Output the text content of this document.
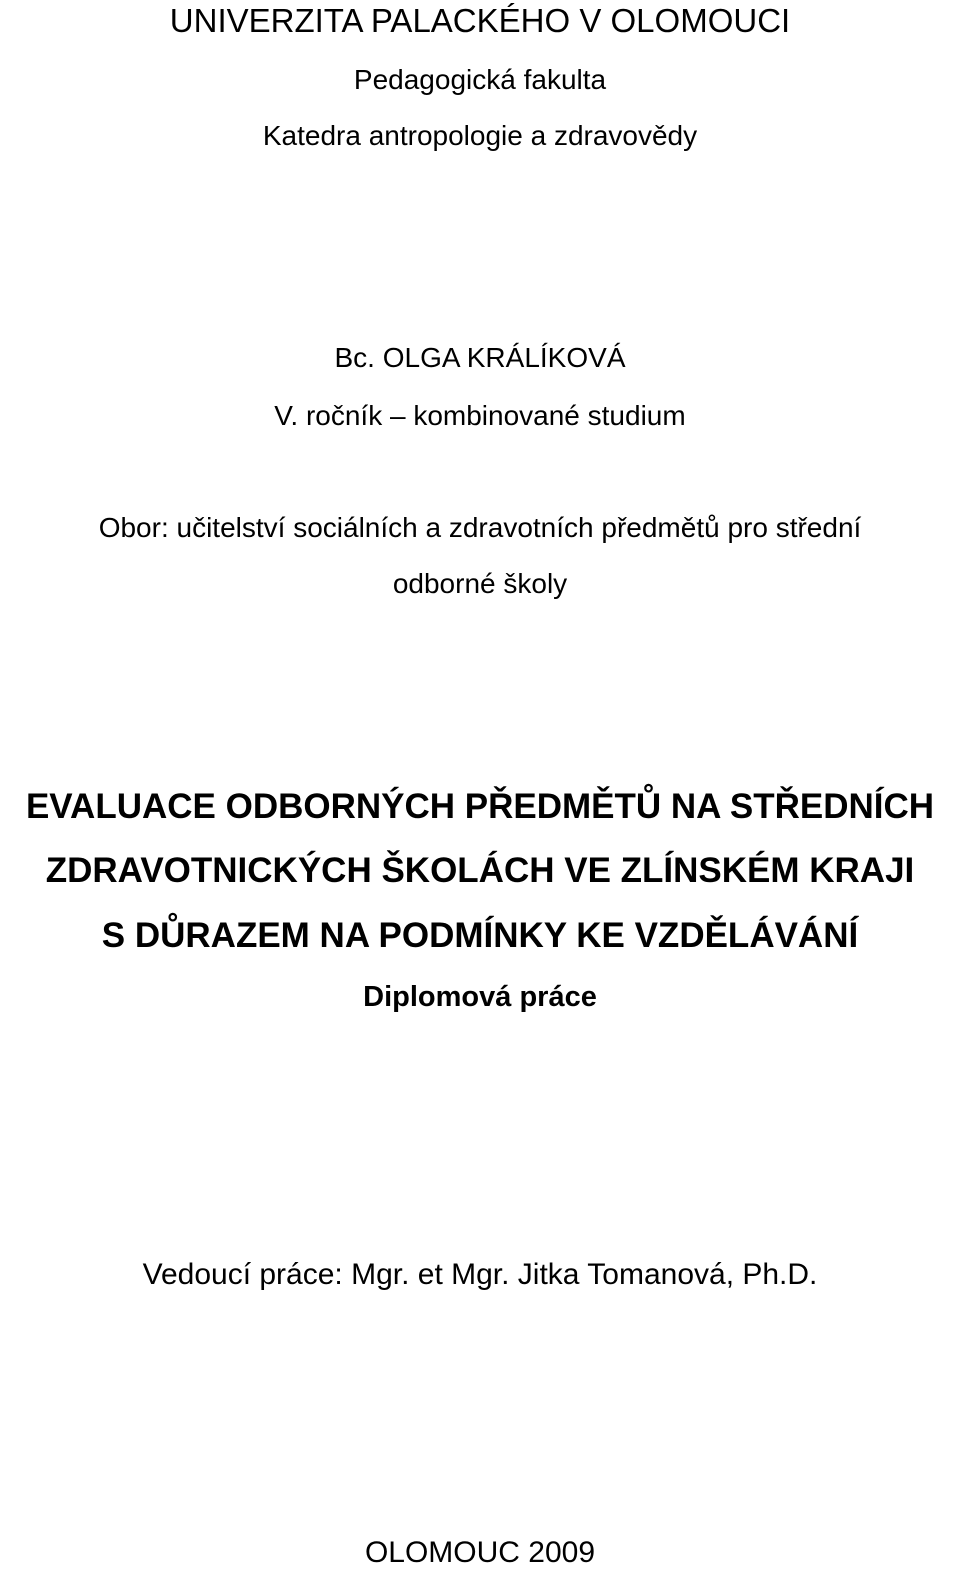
UNIVERZITA PALACKÉHO V OLOMOUCI
Pedagogická fakulta
Katedra antropologie a zdravovědy
Bc. OLGA KRÁLÍKOVÁ
V. ročník – kombinované studium
Obor: učitelství sociálních a zdravotních předmětů pro střední
odborné školy
EVALUACE ODBORNÝCH PŘEDMĚTŮ NA STŘEDNÍCH
ZDRAVOTNICKÝCH ŠKOLÁCH VE ZLÍNSKÉM KRAJI
S DŮRAZEM NA PODMÍNKY KE VZDĚLÁVÁNÍ
Diplomová práce
Vedoucí práce: Mgr. et Mgr. Jitka Tomanová, Ph.D.
OLOMOUC 2009
